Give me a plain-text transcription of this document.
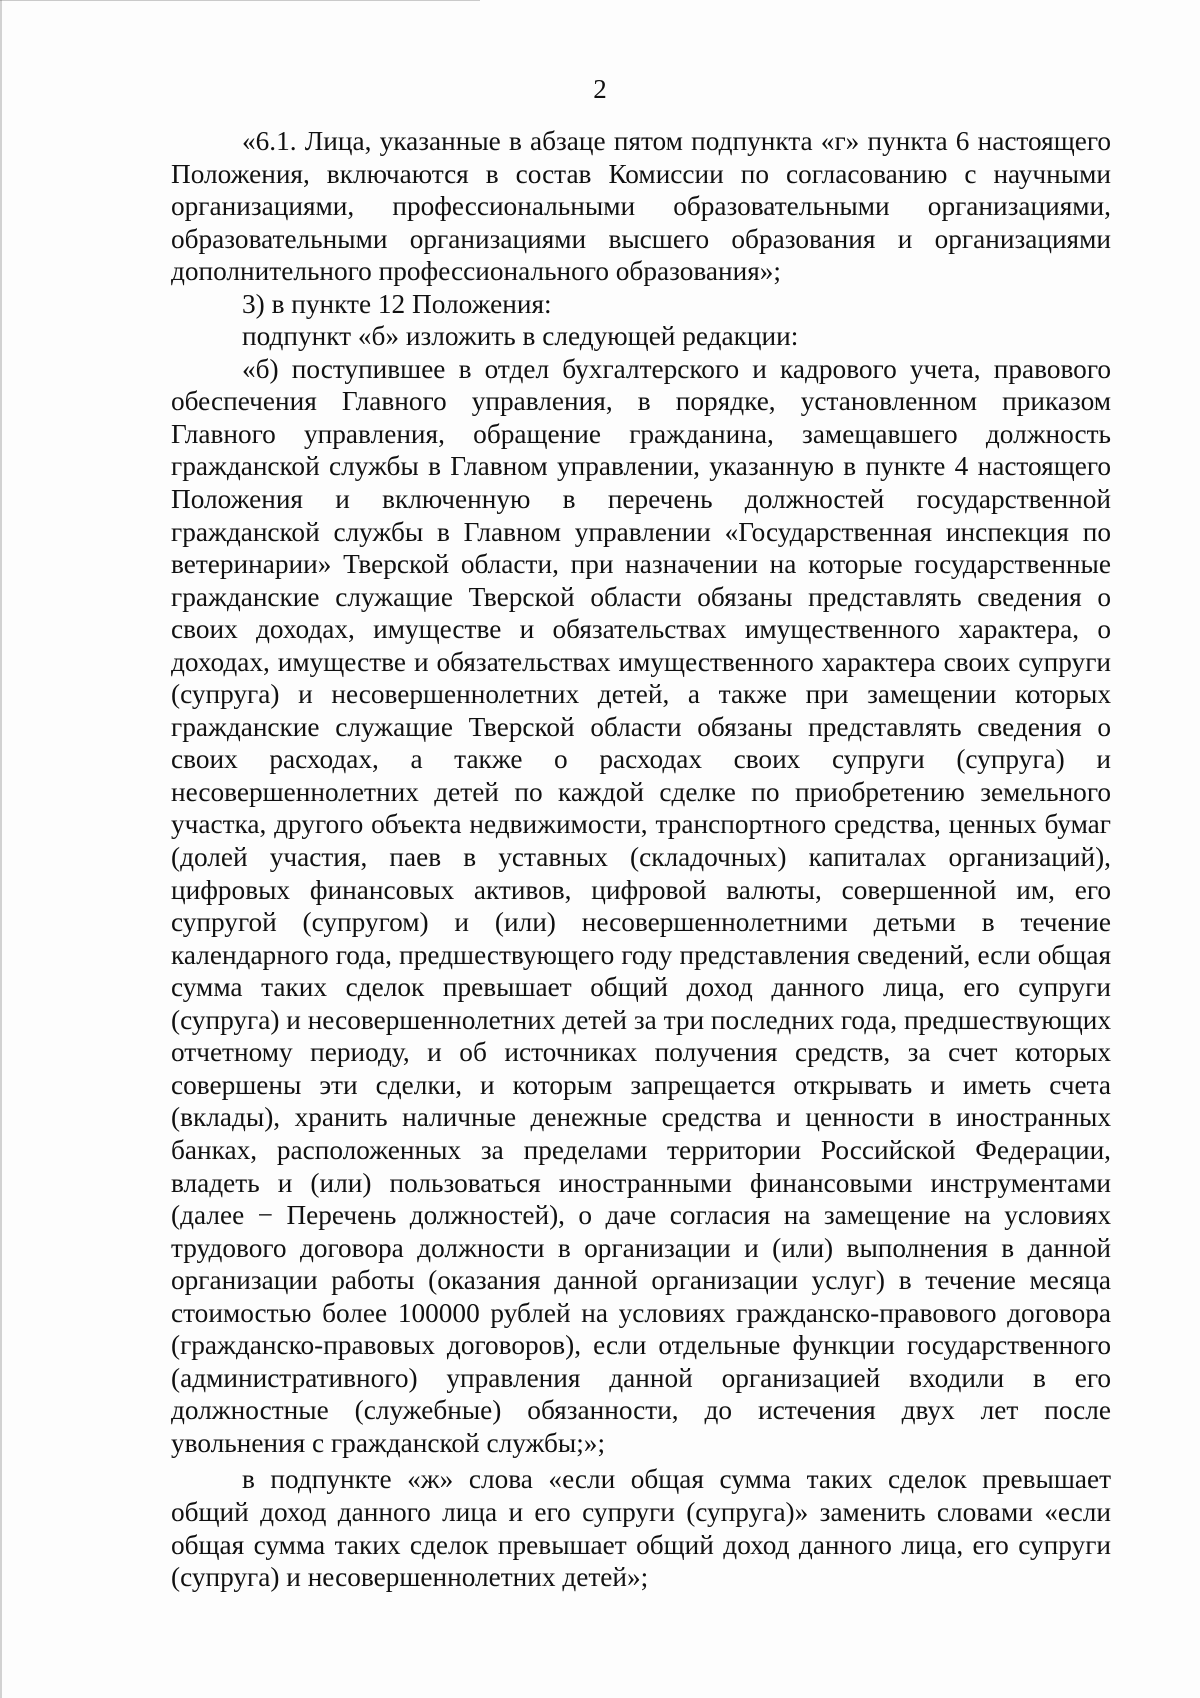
2

«6.1. Лица, указанные в абзаце пятом подпункта «г» пункта 6 настоящего Положения, включаются в состав Комиссии по согласованию с научными организациями, профессиональными образовательными организациями, образовательными организациями высшего образования и организациями дополнительного профессионального образования»;

3) в пункте 12 Положения:

подпункт «б» изложить в следующей редакции:

«б) поступившее в отдел бухгалтерского и кадрового учета, правового обеспечения Главного управления, в порядке, установленном приказом Главного управления, обращение гражданина, замещавшего должность гражданской службы в Главном управлении, указанную в пункте 4 настоящего Положения и включенную в перечень должностей государственной гражданской службы в Главном управлении «Государственная инспекция по ветеринарии» Тверской области, при назначении на которые государственные гражданские служащие Тверской области обязаны представлять сведения о своих доходах, имуществе и обязательствах имущественного характера, о доходах, имуществе и обязательствах имущественного характера своих супруги (супруга) и несовершеннолетних детей, а также при замещении которых гражданские служащие Тверской области обязаны представлять сведения о своих расходах, а также о расходах своих супруги (супруга) и несовершеннолетних детей по каждой сделке по приобретению земельного участка, другого объекта недвижимости, транспортного средства, ценных бумаг (долей участия, паев в уставных (складочных) капиталах организаций), цифровых финансовых активов, цифровой валюты, совершенной им, его супругой (супругом) и (или) несовершеннолетними детьми в течение календарного года, предшествующего году представления сведений, если общая сумма таких сделок превышает общий доход данного лица, его супруги (супруга) и несовершеннолетних детей за три последних года, предшествующих отчетному периоду, и об источниках получения средств, за счет которых совершены эти сделки, и которым запрещается открывать и иметь счета (вклады), хранить наличные денежные средства и ценности в иностранных банках, расположенных за пределами территории Российской Федерации, владеть и (или) пользоваться иностранными финансовыми инструментами (далее − Перечень должностей), о даче согласия на замещение на условиях трудового договора должности в организации и (или) выполнения в данной организации работы (оказания данной организации услуг) в течение месяца стоимостью более 100000 рублей на условиях гражданско-правового договора (гражданско-правовых договоров), если отдельные функции государственного (административного) управления данной организацией входили в его должностные (служебные) обязанности, до истечения двух лет после увольнения с гражданской службы;»;

в подпункте «ж» слова «если общая сумма таких сделок превышает общий доход данного лица и его супруги (супруга)» заменить словами «если общая сумма таких сделок превышает общий доход данного лица, его супруги (супруга) и несовершеннолетних детей»;
